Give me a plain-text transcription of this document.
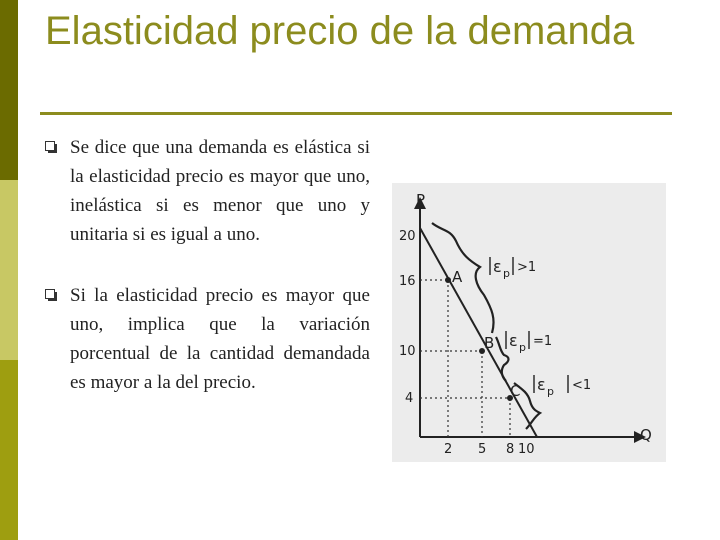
Elasticidad precio de la demanda
Se dice que una demanda es elástica si la elasticidad precio es mayor que uno, inelástica si es menor que uno y unitaria si es igual a uno.
Si la elasticidad precio es mayor que uno, implica que la variación porcentual de la cantidad demandada es mayor a la del precio.
P
Q
A
B
C
20
16
10
4
2 5 8 10
ε p >1
ε p =1
ε p <1
